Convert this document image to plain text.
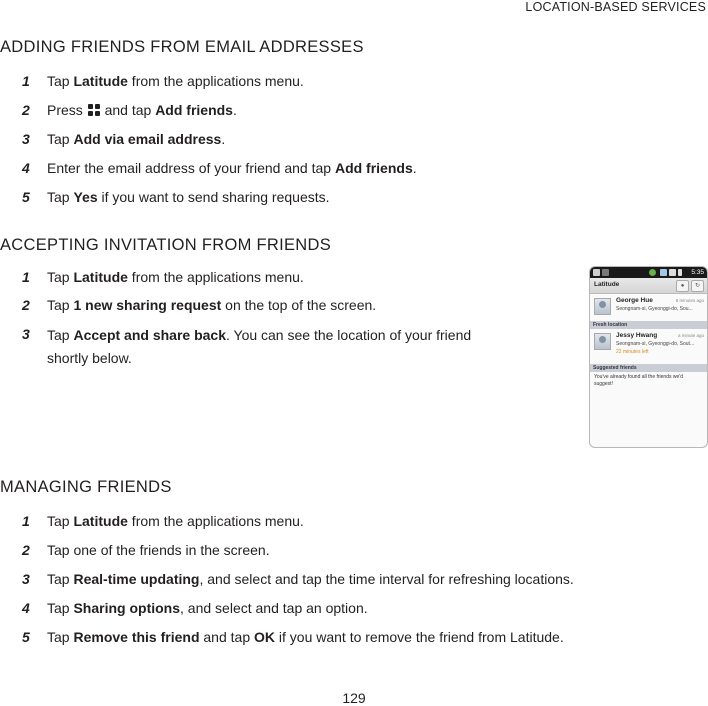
LOCATION-BASED SERVICES
ADDING FRIENDS FROM EMAIL ADDRESSES
1	Tap Latitude from the applications menu.
2	Press
and tap Add friends.
3	Tap Add via email address.
4	Enter the email address of your friend and tap Add friends.
5	Tap Yes if you want to send sharing requests.
ACCEPTING INVITATION FROM FRIENDS
1	Tap Latitude from the applications menu.
2	Tap 1 new sharing request on the top of the screen.
3	Tap Accept and share back. You can see the location of your friend shortly below.
5:35
Latitude	●	↻
George Hue	8 minutes ago
Seongnam-si, Gyeonggi-do, Sou...
Fresh location
Jessy Hwang	a minute ago
Seongnam-si, Gyeonggi-do, Sout...
22 minutes left
Suggested friends
You've already found all the friends we'd suggest!
MANAGING FRIENDS
1	Tap Latitude from the applications menu.
2	Tap one of the friends in the screen.
3	Tap Real-time updating, and select and tap the time interval for refreshing locations.
4	Tap Sharing options, and select and tap an option.
5	Tap Remove this friend and tap OK if you want to remove the friend from Latitude.
129
